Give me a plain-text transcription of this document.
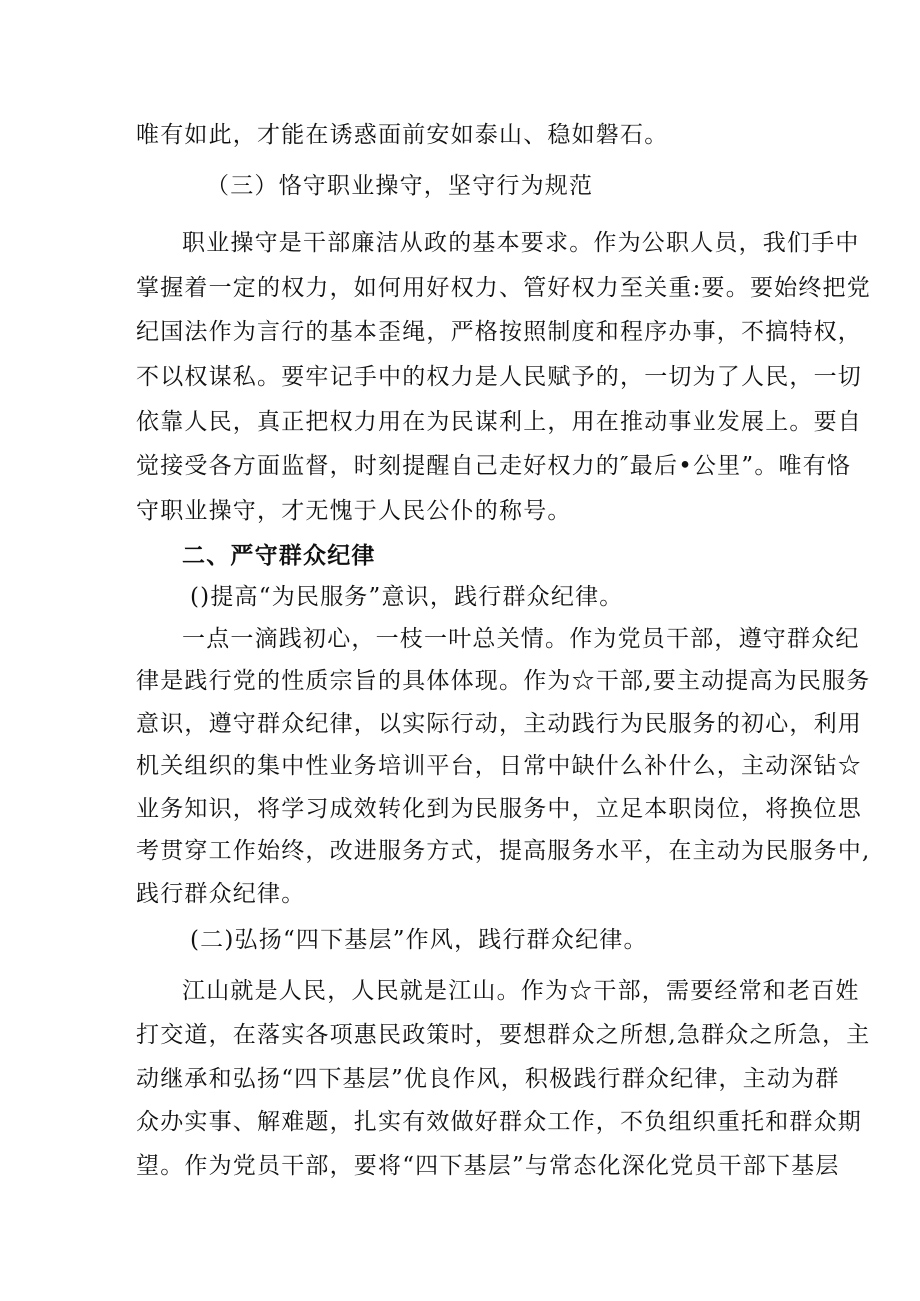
唯有如此，才能在诱惑面前安如泰山、稳如磐石。
（三）恪守职业操守，坚守行为规范
职业操守是干部廉洁从政的基本要求。作为公职人员，我们手中
掌握着一定的权力，如何用好权力、管好权力至关重:要。要始终把党
纪国法作为言行的基本歪绳，严格按照制度和程序办事，不搞特权，
不以权谋私。要牢记手中的权力是人民赋予的，一切为了人民，一切
依靠人民，真正把权力用在为民谋利上，用在推动事业发展上。要自
觉接受各方面监督，时刻提醒自己走好权力的″最后•公里”。唯有恪
守职业操守，才无愧于人民公仆的称号。
二、严守群众纪律
()提高“为民服务”意识，践行群众纪律。
一点一滴践初心，一枝一叶总关情。作为党员干部，遵守群众纪
律是践行党的性质宗旨的具体体现。作为☆干部,要主动提高为民服务
意识，遵守群众纪律，以实际行动，主动践行为民服务的初心，利用
机关组织的集中性业务培训平台，日常中缺什么补什么，主动深钻☆
业务知识，将学习成效转化到为民服务中，立足本职岗位，将换位思
考贯穿工作始终，改进服务方式，提高服务水平，在主动为民服务中,
践行群众纪律。
(二)弘扬“四下基层”作风，践行群众纪律。
江山就是人民，人民就是江山。作为☆干部，需要经常和老百姓
打交道，在落实各项惠民政策时，要想群众之所想,急群众之所急，主
动继承和弘扬“四下基层”优良作风，积极践行群众纪律，主动为群
众办实事、解难题，扎实有效做好群众工作，不负组织重托和群众期
望。作为党员干部，要将“四下基层”与常态化深化党员干部下基层
